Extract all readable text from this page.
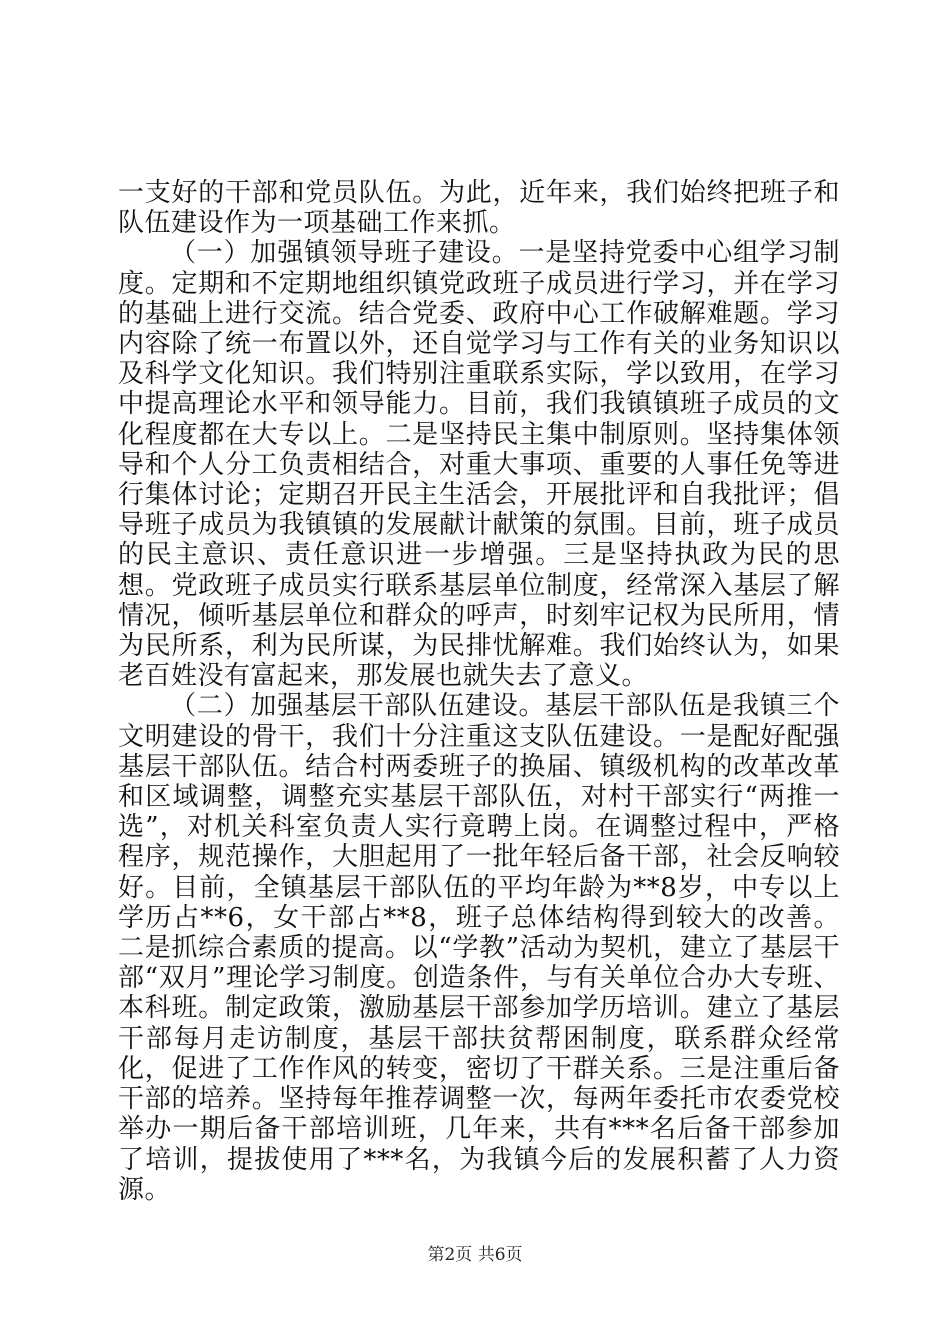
一支好的干部和党员队伍。为此，近年来，我们始终把班子和队伍建设作为一项基础工作来抓。

（一）加强镇领导班子建设。一是坚持党委中心组学习制度。定期和不定期地组织镇党政班子成员进行学习，并在学习的基础上进行交流。结合党委、政府中心工作破解难题。学习内容除了统一布置以外，还自觉学习与工作有关的业务知识以及科学文化知识。我们特别注重联系实际，学以致用，在学习中提高理论水平和领导能力。目前，我们我镇镇班子成员的文化程度都在大专以上。二是坚持民主集中制原则。坚持集体领导和个人分工负责相结合，对重大事项、重要的人事任免等进行集体讨论；定期召开民主生活会，开展批评和自我批评；倡导班子成员为我镇镇的发展献计献策的氛围。目前，班子成员的民主意识、责任意识进一步增强。三是坚持执政为民的思想。党政班子成员实行联系基层单位制度，经常深入基层了解情况，倾听基层单位和群众的呼声，时刻牢记权为民所用，情为民所系，利为民所谋，为民排忧解难。我们始终认为，如果老百姓没有富起来，那发展也就失去了意义。

（二）加强基层干部队伍建设。基层干部队伍是我镇三个文明建设的骨干，我们十分注重这支队伍建设。一是配好配强基层干部队伍。结合村两委班子的换届、镇级机构的改革改革和区域调整，调整充实基层干部队伍，对村干部实行“两推一选”，对机关科室负责人实行竟聘上岗。在调整过程中，严格程序，规范操作，大胆起用了一批年轻后备干部，社会反响较好。目前，全镇基层干部队伍的平均年龄为**8岁，中专以上学历占**6，女干部占**8，班子总体结构得到较大的改善。二是抓综合素质的提高。以“学教”活动为契机，建立了基层干部“双月”理论学习制度。创造条件，与有关单位合办大专班、本科班。制定政策，激励基层干部参加学历培训。建立了基层干部每月走访制度，基层干部扶贫帮困制度，联系群众经常化，促进了工作作风的转变，密切了干群关系。三是注重后备干部的培养。坚持每年推荐调整一次，每两年委托市农委党校举办一期后备干部培训班，几年来，共有***名后备干部参加了培训，提拔使用了***名，为我镇今后的发展积蓄了人力资源。

第2页 共6页
